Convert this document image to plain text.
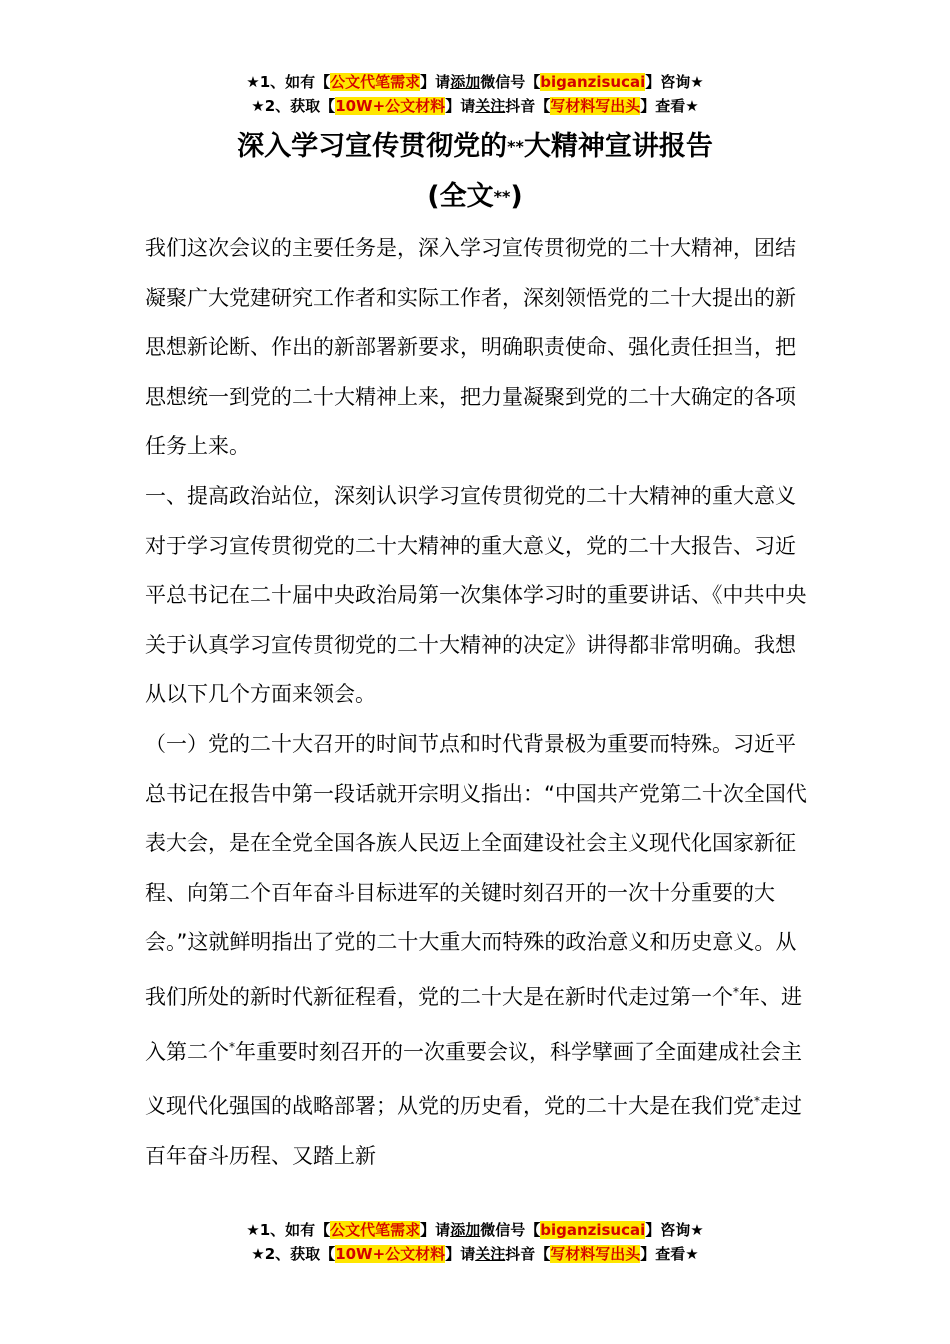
★1、如有【公文代笔需求】请添加微信号【biganzisucai】咨询★
★2、获取【10W+公文材料】请关注抖音【写材料写出头】查看★
深入学习宣传贯彻党的**大精神宣讲报告
(全文**)

我们这次会议的主要任务是，深入学习宣传贯彻党的二十大精神，团结凝聚广大党建研究工作者和实际工作者，深刻领悟党的二十大提出的新思想新论断、作出的新部署新要求，明确职责使命、强化责任担当，把思想统一到党的二十大精神上来，把力量凝聚到党的二十大确定的各项任务上来。

一、提高政治站位，深刻认识学习宣传贯彻党的二十大精神的重大意义

对于学习宣传贯彻党的二十大精神的重大意义，党的二十大报告、习近平总书记在二十届中央政治局第一次集体学习时的重要讲话、《中共中央关于认真学习宣传贯彻党的二十大精神的决定》讲得都非常明确。我想从以下几个方面来领会。

（一）党的二十大召开的时间节点和时代背景极为重要而特殊。习近平总书记在报告中第一段话就开宗明义指出：“中国共产党第二十次全国代表大会，是在全党全国各族人民迈上全面建设社会主义现代化国家新征程、向第二个百年奋斗目标进军的关键时刻召开的一次十分重要的大会。”这就鲜明指出了党的二十大重大而特殊的政治意义和历史意义。从我们所处的新时代新征程看，党的二十大是在新时代走过第一个*年、进入第二个*年重要时刻召开的一次重要会议，科学擘画了全面建成社会主义现代化强国的战略部署；从党的历史看，党的二十大是在我们党*走过百年奋斗历程、又踏上新

★1、如有【公文代笔需求】请添加微信号【biganzisucai】咨询★
★2、获取【10W+公文材料】请关注抖音【写材料写出头】查看★
